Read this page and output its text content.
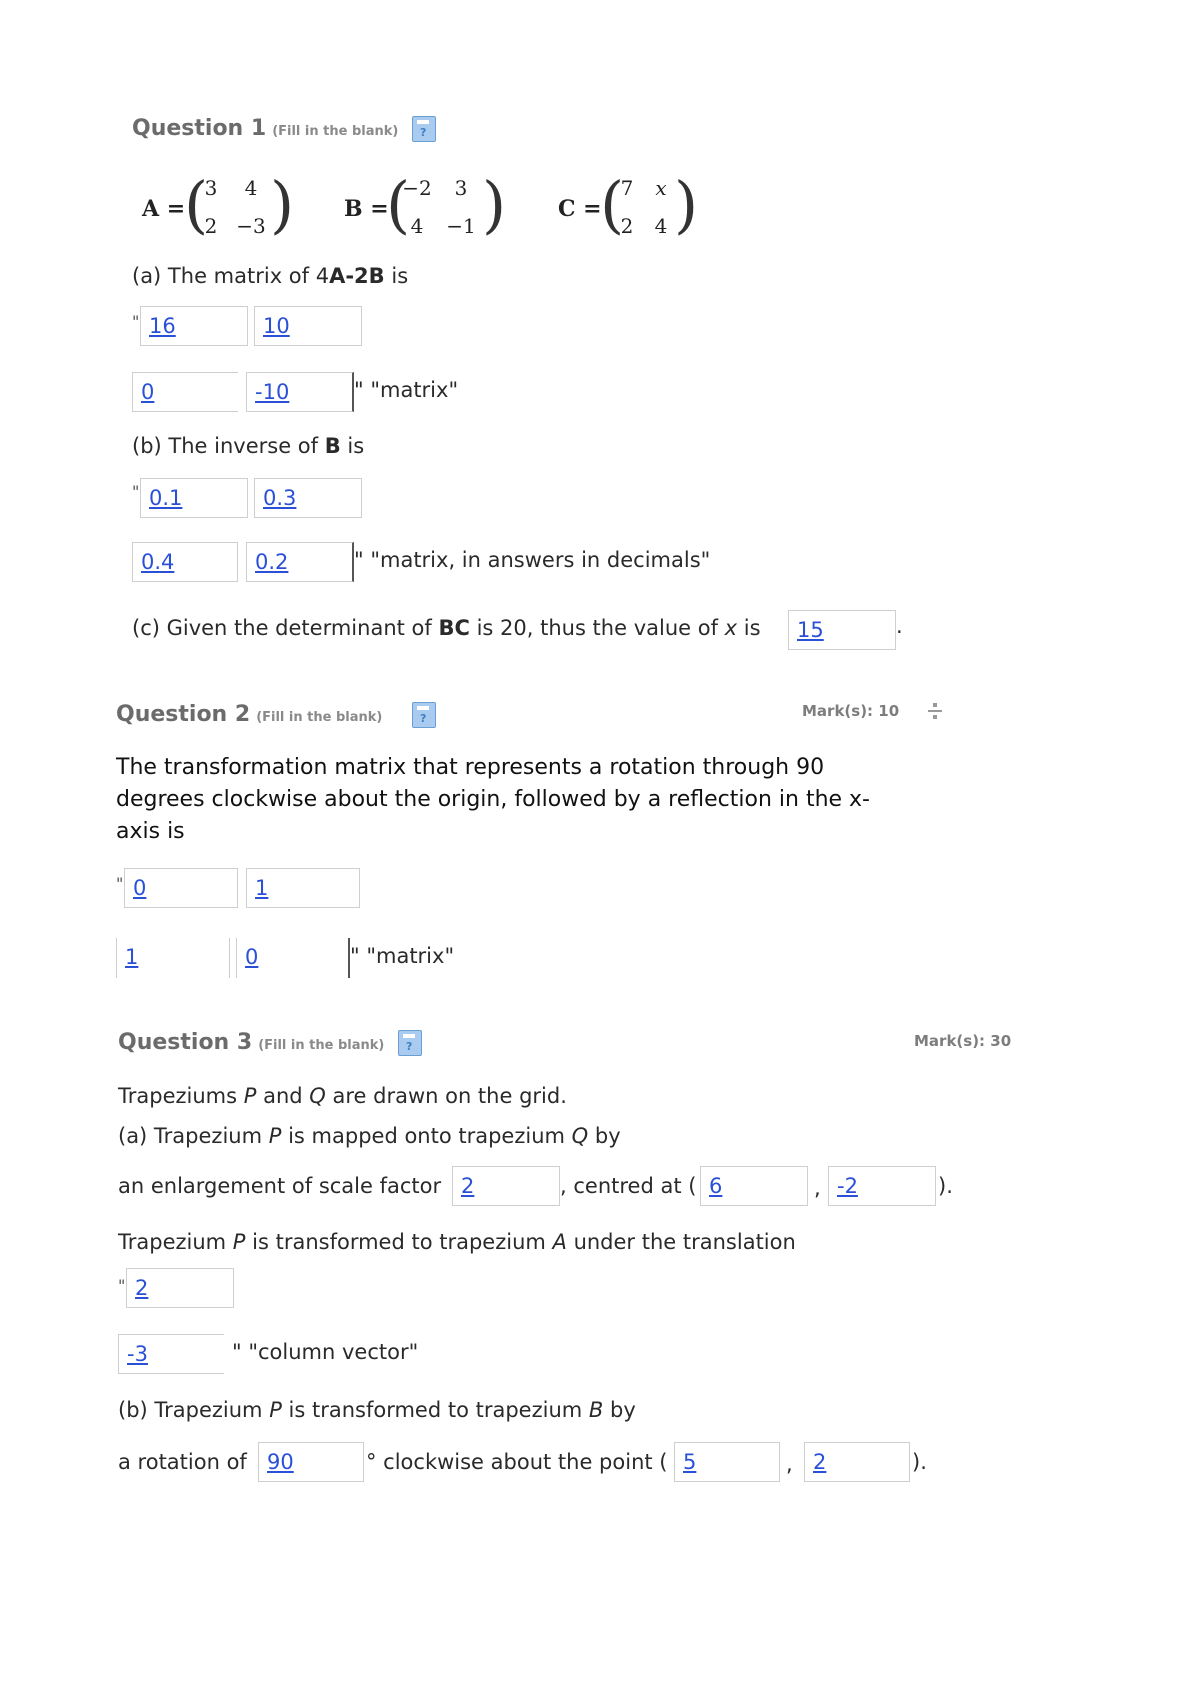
Question 1 (Fill in the blank)
?
A =
(
3	4
2 −3 ) B =
(
−2	3
4	−1 ) C =
(
7	x
2	4 )
(a) The matrix of 4A-2B is
" 16	10
0	-10	" "matrix"
(b) The inverse of B is
" 0.1	0.3
0.4	0.2	" "matrix, in answers in decimals"
(c) Given the determinant of BC is 20, thus the value of x is	15	.
Question 2 (Fill in the blank) ?	Mark(s): 10
The transformation matrix that represents a rotation through 90
degrees clockwise about the origin, followed by a reflection in the x-
axis is
" 0	1
1	0	" "matrix"
Question 3 (Fill in the blank) ?	Mark(s): 30
Trapeziums P and Q are drawn on the grid.
(a) Trapezium P is mapped onto trapezium Q by
an enlargement of scale factor 2	, centred at ( 6	, -2	).
Trapezium P is transformed to trapezium A under the translation
" 2
-3	" "column vector"
(b) Trapezium P is transformed to trapezium B by
a rotation of 90	° clockwise about the point ( 5	, 2	).
